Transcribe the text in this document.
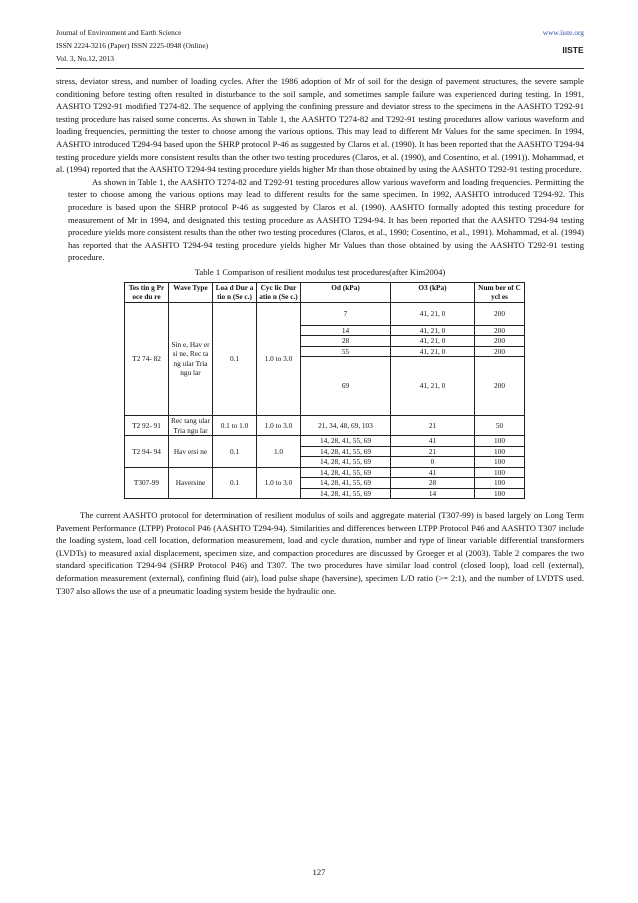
Journal of Environment and Earth Science
ISSN 2224-3216 (Paper) ISSN 2225-0948 (Online)
Vol. 3, No.12, 2013
www.iiste.org
IISTE

stress, deviator stress, and number of loading cycles. After the 1986 adoption of Mr of soil for the design of pavement structures, the severe sample conditioning before testing often resulted in disturbance to the soil sample, and sometimes sample failure was experienced during testing. In 1991, AASHTO T292-91 modified T274-82. The sequence of applying the confining pressure and deviator stress to the specimens in the AASHTO T292-91 testing procedure has raised some concerns. As shown in Table 1, the AASHTO T274-82 and T292-91 testing procedures allow various waveform and loading frequencies, permitting the tester to choose among the various options. This may lead to different Mr Values for the same specimen. In 1994, AASHTO introduced T294-94 based upon the SHRP protocol P-46 as suggested by Claros et al. (1990). It has been reported that the AASHTO T294-94 testing procedure yields more consistent results than the other two testing procedures (Claros, et al. (1990), and Cosentino, et al. (1991)). Mohammad, et al. (1994) reported that the AASHTO T294-94 testing procedure yields higher Mr than those obtained by using the AASHTO T292-91 testing procedure.

As shown in Table 1, the AASHTO T274-82 and T292-91 testing procedures allow various waveform and loading frequencies. Permitting the tester to choose among the various options may lead to different results for the same specimen. In 1992, AASHTO introduced T294-92. This procedure is based upon the SHRP protocol P-46 as suggested by Claros et al. (1990). AASHTO formally adopted this testing procedure for measurement of Mr in 1994, and designated this testing procedure as AASHTO T294-94. It has been reported that the AASHTO T294-94 testing procedure yields more consistent results than the other two testing procedures (Claros, et al., 1990; Cosentino, et al., 1991). Mohammad, et al. (1994) has reported that the AASHTO T294-94 testing procedure yields higher Mr Values than those obtained by using the AASHTO T292-91 testing procedure.

Table 1 Comparison of resilient modulus test procedures(after Kim2004)

Tes tin g Pr oce du re	Wave Type	Loa d Dur atio n (Se c.)	Cyc lic Dur atio n (Se c.)	Od (kPa)	O3 (kPa)	Num ber of Cycl es
T2 74- 82	Sin e, Hav ersi ne, Rec tang ular Tria ngu lar	0.1	1.0 to 3.0	7	41, 21, 0	200
				14	41, 21, 0	200
				28	41, 21, 0	200
				55	41, 21, 0	200
				69	41, 21, 0	200
T2 92- 91	Rec tang ular Tria ngu lar	0.1 to 1.0	1.0 to 3.0	21, 34, 48, 69, 103	21	50
T2 94- 94	Hav ersi ne	0.1	1.0	14, 28, 41, 55, 69	41	100
				14, 28, 41, 55, 69	21	100
				14, 28, 41, 55, 69	0	100
T307-99	Haversine	0.1	1.0 to 3.0	14, 28, 41, 55, 69	41	100
				14, 28, 41, 55, 69	28	100
				14, 28, 41, 55, 69	14	100

The current AASHTO protocol for determination of resilient modulus of soils and aggregate material (T307-99) is based largely on Long Term Pavement Performance (LTPP) Protocol P46 (AASHTO T294-94). Similarities and differences between LTPP Protocol P46 and AASHTO T307 include the loading system, load cell location, deformation measurement, load and cycle duration, number and type of linear variable differential transformers (LVDTs) to measured axial displacement, specimen size, and compaction procedures are discussed by Groeger et al (2003). Table 2 compares the two standard specification T294-94 (SHRP Protocol P46) and T307. The two procedures have similar load control (closed loop), load cell (external), deformation measurement (external), confining fluid (air), load pulse shape (haversine), specimen L/D ratio (>= 2:1), and the number of LVDTS used. T307 also allows the use of a pneumatic loading system beside the hydraulic one.

127
